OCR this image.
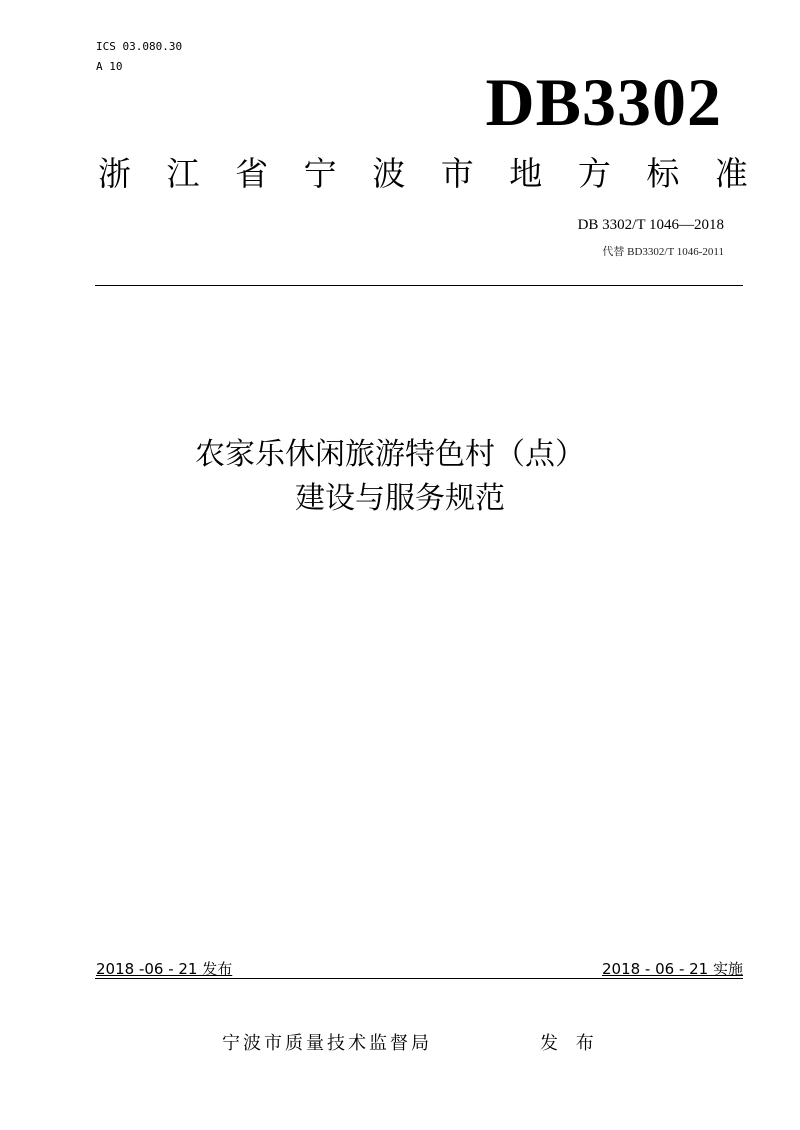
ICS 03.080.30
A 10	DB3302
浙 江 省 宁 波 市 地 方 标 准
DB 3302/T 1046—2018
代替 BD3302/T 1046-2011
农家乐休闲旅游特色村（点）
建设与服务规范
2018 -06 - 21 发布	2018 - 06 - 21 实施
宁波市质量技术监督局	发 布
